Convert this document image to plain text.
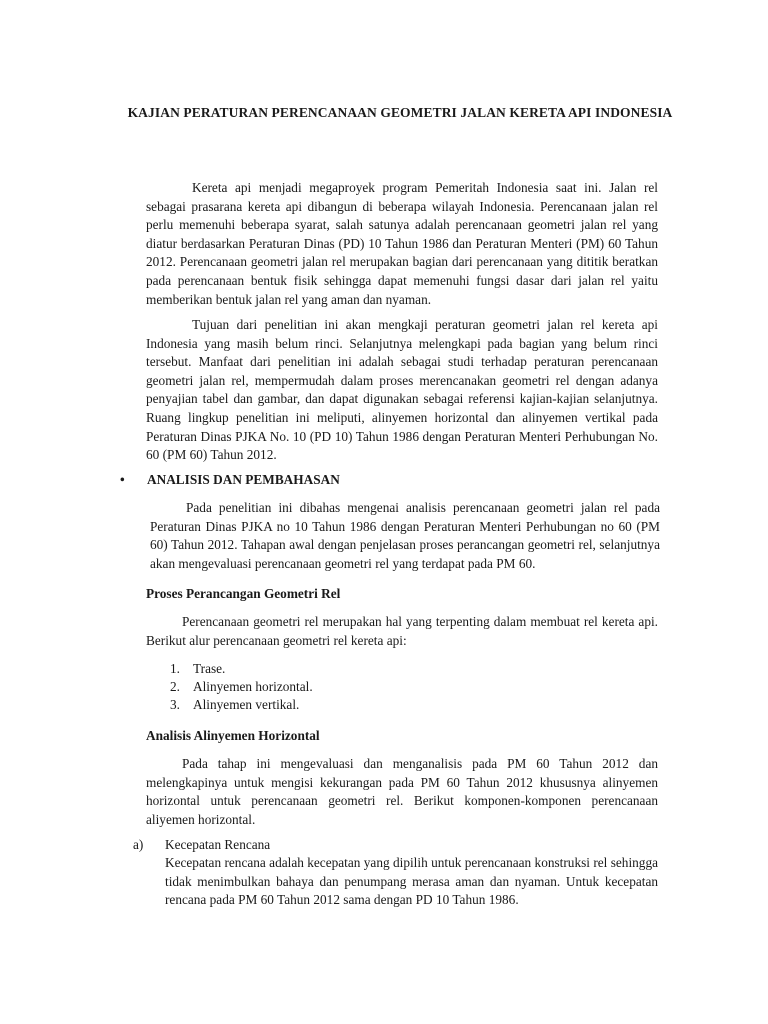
KAJIAN PERATURAN PERENCANAAN GEOMETRI JALAN KERETA API INDONESIA

Kereta api menjadi megaproyek program Pemeritah Indonesia saat ini. Jalan rel sebagai prasarana kereta api dibangun di beberapa wilayah Indonesia. Perencanaan jalan rel perlu memenuhi beberapa syarat, salah satunya adalah perencanaan geometri jalan rel yang diatur berdasarkan Peraturan Dinas (PD) 10 Tahun 1986 dan Peraturan Menteri (PM) 60 Tahun 2012. Perencanaan geometri jalan rel merupakan bagian dari perencanaan yang dititik beratkan pada perencanaan bentuk fisik sehingga dapat memenuhi fungsi dasar dari jalan rel yaitu memberikan bentuk jalan rel yang aman dan nyaman.

Tujuan dari penelitian ini akan mengkaji peraturan geometri jalan rel kereta api Indonesia yang masih belum rinci. Selanjutnya melengkapi pada bagian yang belum rinci tersebut. Manfaat dari penelitian ini adalah sebagai studi terhadap peraturan perencanaan geometri jalan rel, mempermudah dalam proses merencanakan geometri rel dengan adanya penyajian tabel dan gambar, dan dapat digunakan sebagai referensi kajian-kajian selanjutnya. Ruang lingkup penelitian ini meliputi, alinyemen horizontal dan alinyemen vertikal pada Peraturan Dinas PJKA No. 10 (PD 10) Tahun 1986 dengan Peraturan Menteri Perhubungan No. 60 (PM 60) Tahun 2012.

• ANALISIS DAN PEMBAHASAN

Pada penelitian ini dibahas mengenai analisis perencanaan geometri jalan rel pada Peraturan Dinas PJKA no 10 Tahun 1986 dengan Peraturan Menteri Perhubungan no 60 (PM 60) Tahun 2012. Tahapan awal dengan penjelasan proses perancangan geometri rel, selanjutnya akan mengevaluasi perencanaan geometri rel yang terdapat pada PM 60.

Proses Perancangan Geometri Rel

Perencanaan geometri rel merupakan hal yang terpenting dalam membuat rel kereta api. Berikut alur perencanaan geometri rel kereta api:

1. Trase.
2. Alinyemen horizontal.
3. Alinyemen vertikal.
Analisis Alinyemen Horizontal

Pada tahap ini mengevaluasi dan menganalisis pada PM 60 Tahun 2012 dan melengkapinya untuk mengisi kekurangan pada PM 60 Tahun 2012 khususnya alinyemen horizontal untuk perencanaan geometri rel. Berikut komponen-komponen perencanaan aliyemen horizontal.

a) Kecepatan Rencana

Kecepatan rencana adalah kecepatan yang dipilih untuk perencanaan konstruksi rel sehingga tidak menimbulkan bahaya dan penumpang merasa aman dan nyaman. Untuk kecepatan rencana pada PM 60 Tahun 2012 sama dengan PD 10 Tahun 1986.
